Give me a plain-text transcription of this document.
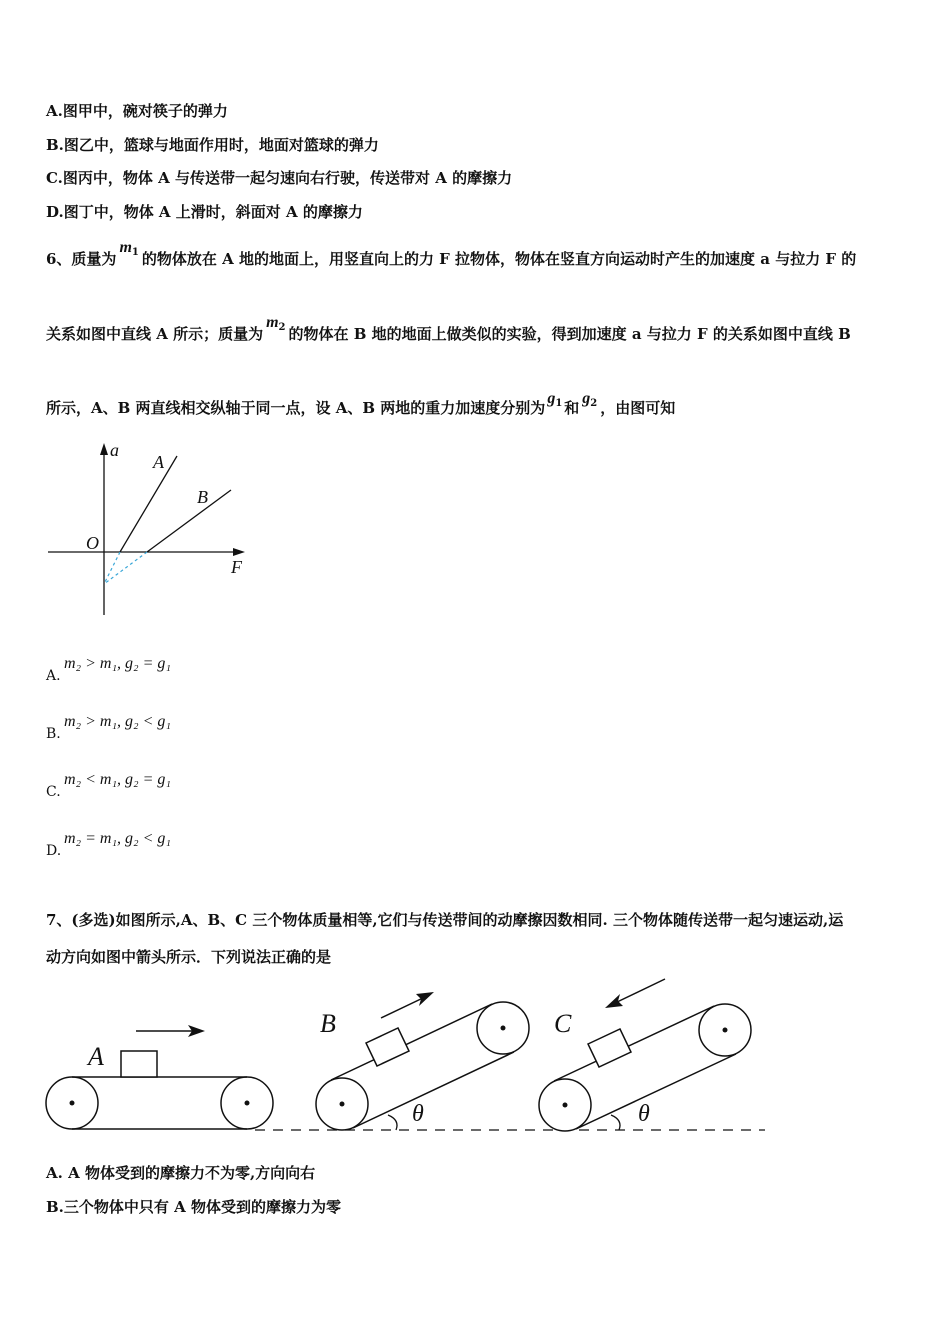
A.图甲中，碗对筷子的弹力
B.图乙中，篮球与地面作用时，地面对篮球的弹力
C.图丙中，物体 A 与传送带一起匀速向右行驶，传送带对 A 的摩擦力
D.图丁中，物体 A 上滑时，斜面对 A 的摩擦力
6、质量为$m_1$ 的物体放在 A 地的地面上，用竖直向上的力 F 拉物体，物体在竖直方向运动时产生的加速度 a 与拉力 F 的
关系如图中直线 A 所示；质量为$m_2$ 的物体在 B 地的地面上做类似的实验，得到加速度 a 与拉力 F 的关系如图中直线 B
所示，A、B 两直线相交纵轴于同一点，设 A、B 两地的重力加速度分别为$g_1$ 和$g_2$ ，由图可知
a
F
O
A
B
A.
m₂ > m₁, g₂ = g₁
B.
m₂ > m₁, g₂ < g₁
C.
m₂ < m₁, g₂ = g₁
D.
m₂ = m₁, g₂ < g₁
7、(多选)如图所示,A、B、C 三个物体质量相等,它们与传送带间的动摩擦因数相同. 三个物体随传送带一起匀速运动,运
动方向如图中箭头所示．下列说法正确的是
A
B
θ
C
θ
A. A 物体受到的摩擦力不为零,方向向右
B.三个物体中只有 A 物体受到的摩擦力为零
